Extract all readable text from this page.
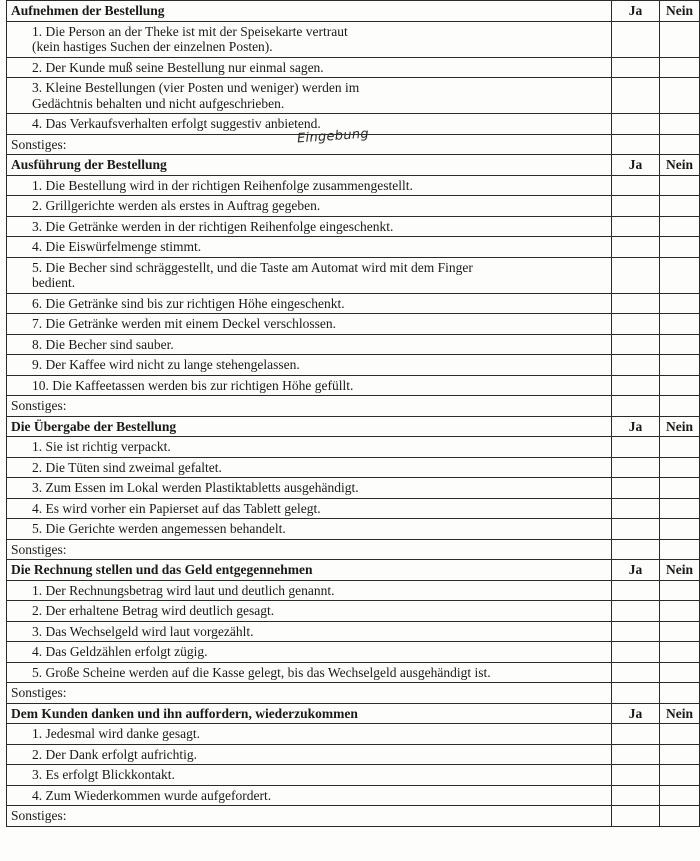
Aufnehmen der Bestellung	Ja	Nein
1. Die Person an der Theke ist mit der Speisekarte vertraut
(kein hastiges Suchen der einzelnen Posten).		
2. Der Kunde muß seine Bestellung nur einmal sagen.		
3. Kleine Bestellungen (vier Posten und weniger) werden im
Gedächtnis behalten und nicht aufgeschrieben.		
4. Das Verkaufsverhalten erfolgt suggestiv anbietend.		
Sonstiges: Eingebung		

Ausführung der Bestellung	Ja	Nein
1. Die Bestellung wird in der richtigen Reihenfolge zusammengestellt.		
2. Grillgerichte werden als erstes in Auftrag gegeben.		
3. Die Getränke werden in der richtigen Reihenfolge eingeschenkt.		
4. Die Eiswürfelmenge stimmt.		
5. Die Becher sind schräggestellt, und die Taste am Automat wird mit dem Finger
bedient.		
6. Die Getränke sind bis zur richtigen Höhe eingeschenkt.		
7. Die Getränke werden mit einem Deckel verschlossen.		
8. Die Becher sind sauber.		
9. Der Kaffee wird nicht zu lange stehengelassen.		
10. Die Kaffeetassen werden bis zur richtigen Höhe gefüllt.		
Sonstiges:		
Die Übergabe der Bestellung	Ja	Nein
1. Sie ist richtig verpackt.		
2. Die Tüten sind zweimal gefaltet.		
3. Zum Essen im Lokal werden Plastiktabletts ausgehändigt.		
4. Es wird vorher ein Papierset auf das Tablett gelegt.		
5. Die Gerichte werden angemessen behandelt.		
Sonstiges:		
Die Rechnung stellen und das Geld entgegennehmen	Ja	Nein
1. Der Rechnungsbetrag wird laut und deutlich genannt.		
2. Der erhaltene Betrag wird deutlich gesagt.		
3. Das Wechselgeld wird laut vorgezählt.		
4. Das Geldzählen erfolgt zügig.		
5. Große Scheine werden auf die Kasse gelegt, bis das Wechselgeld ausgehändigt ist.		
Sonstiges:		
Dem Kunden danken und ihn auffordern, wiederzukommen	Ja	Nein
1. Jedesmal wird danke gesagt.		
2. Der Dank erfolgt aufrichtig.		
3. Es erfolgt Blickkontakt.		
4. Zum Wiederkommen wurde aufgefordert.		
Sonstiges:		
